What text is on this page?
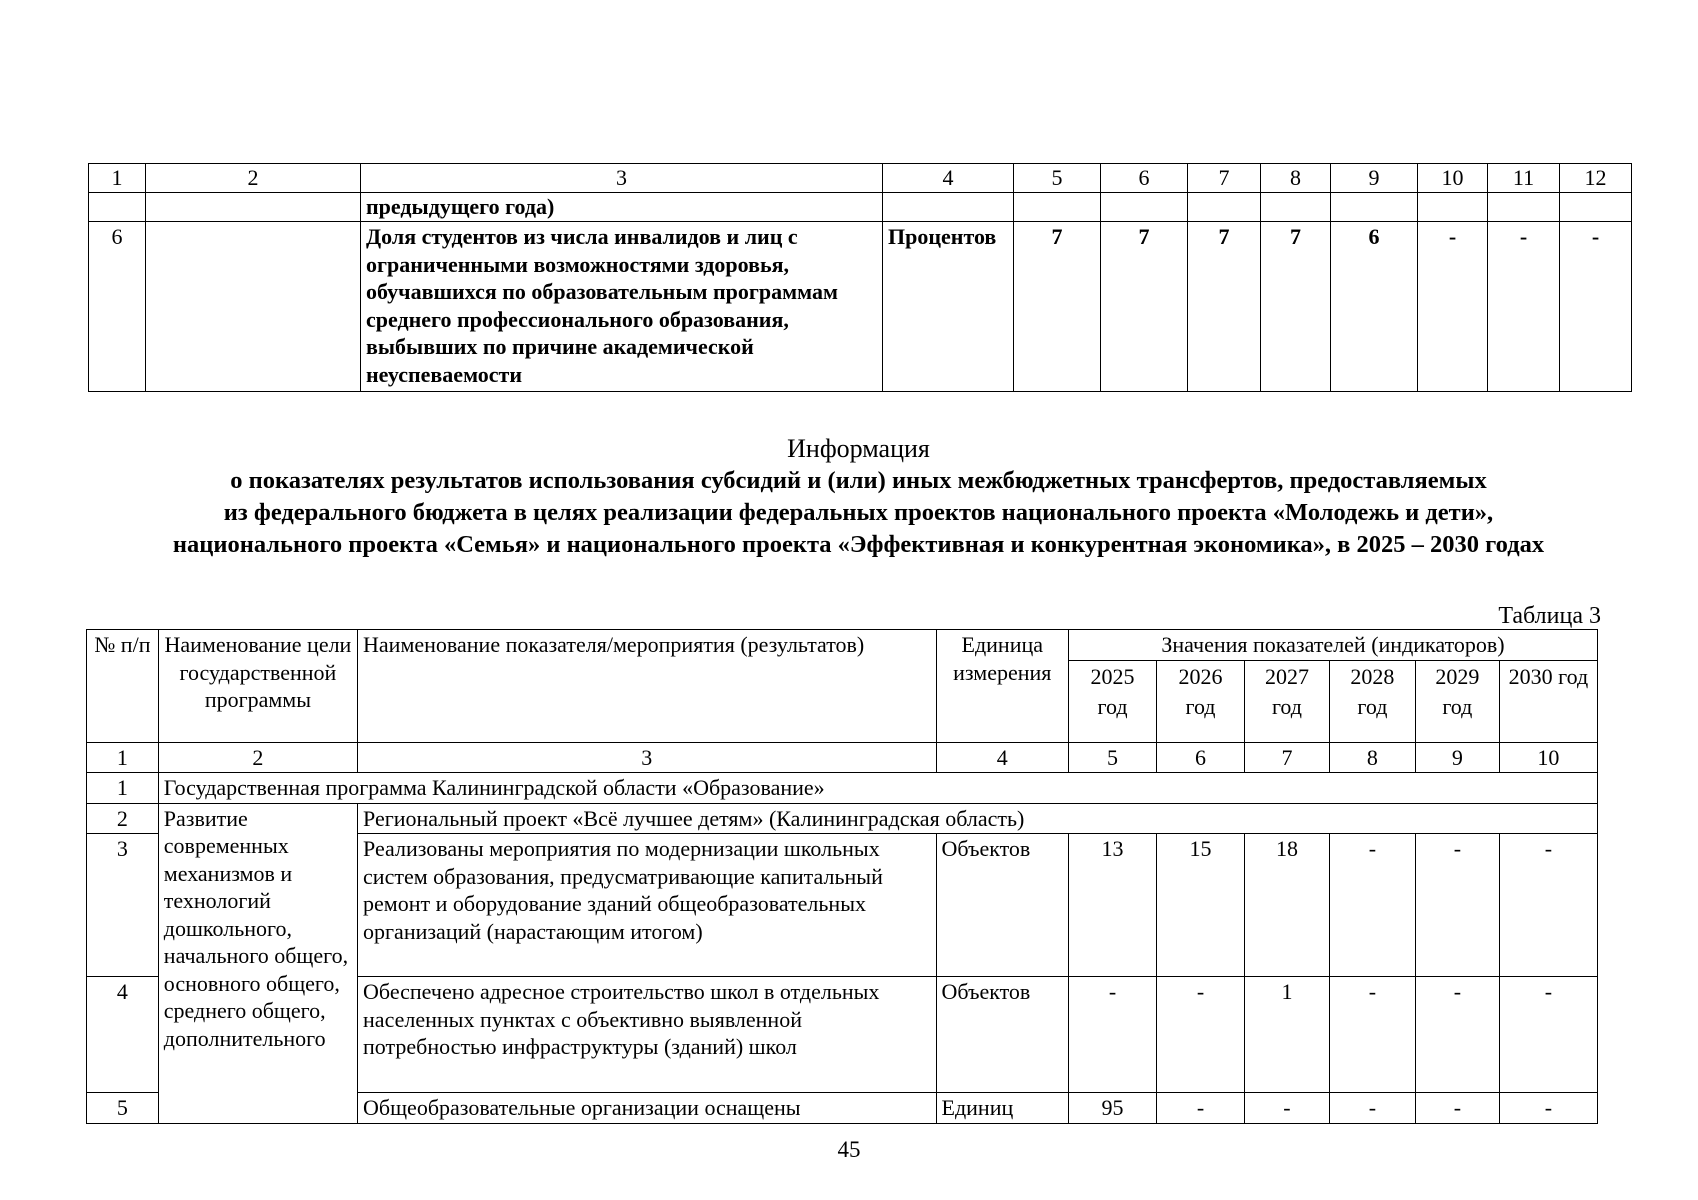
1	2	3	4	5	6	7	8	9	10	11	12
		предыдущего года)									
6		Доля студентов из числа инвалидов и лиц с ограниченными возможностями здоровья, обучавшихся по образовательным программам среднего профессионального образования, выбывших по причине академической неуспеваемости	Процентов	7	7	7	7	6	-	-	-
Информация
о показателях результатов использования субсидий и (или) иных межбюджетных трансфертов, предоставляемых
из федерального бюджета в целях реализации федеральных проектов национального проекта «Молодежь и дети»,
национального проекта «Семья» и национального проекта «Эффективная и конкурентная экономика», в 2025 – 2030 годах
Таблица 3
№ п/п	Наименование цели государственной программы	Наименование показателя/мероприятия (результатов)	Единица измерения	Значения показателей (индикаторов)					
				2025 год	2026 год	2027 год	2028 год	2029 год	2030 год
1	2	3	4	5	6	7	8	9	10
1	Государственная программа Калининградской области «Образование»								
2	Развитие современных механизмов и технологий дошкольного, начального общего, основного общего, среднего общего, дополнительного	Региональный проект «Всё лучшее детям» (Калининградская область)							
3		Реализованы мероприятия по модернизации школьных систем образования, предусматривающие капитальный ремонт и оборудование зданий общеобразовательных организаций (нарастающим итогом)	Объектов	13	15	18	-	-	-
4		Обеспечено адресное строительство школ в отдельных населенных пунктах с объективно выявленной потребностью инфраструктуры (зданий) школ	Объектов	-	-	1	-	-	-
5		Общеобразовательные организации оснащены	Единиц	95	-	-	-	-	-
45
